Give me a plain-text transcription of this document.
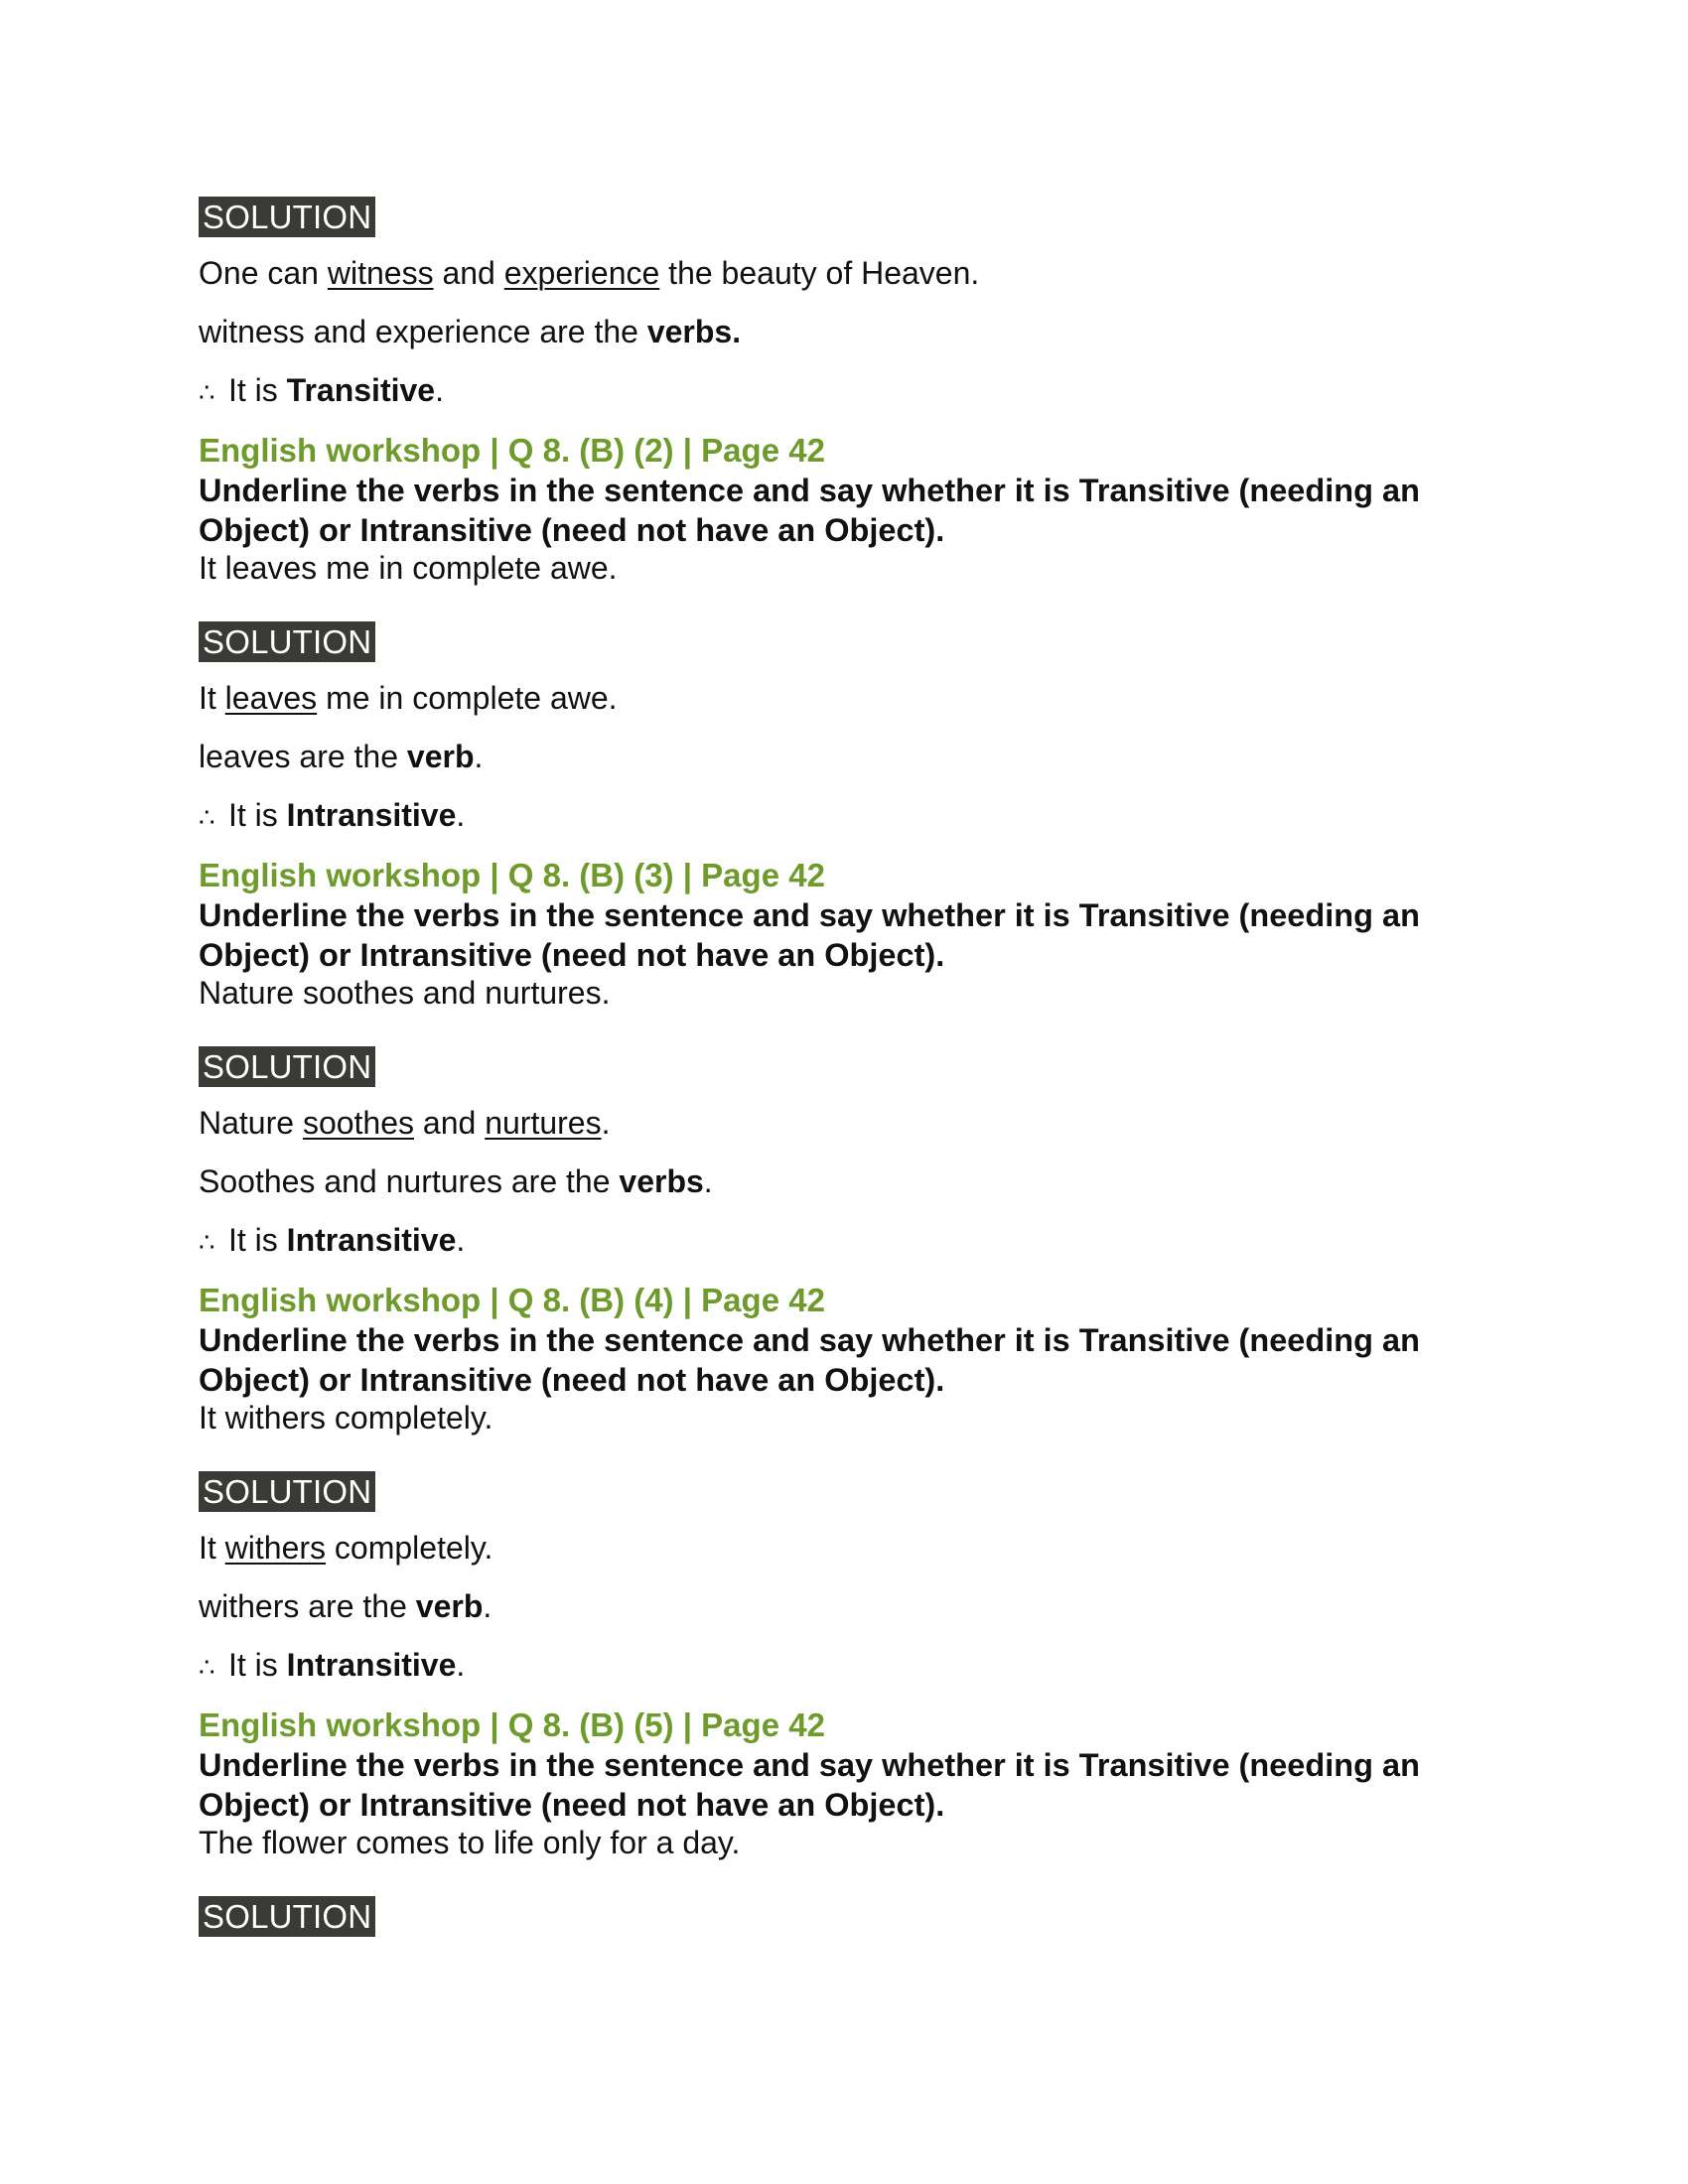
SOLUTION

One can witness and experience the beauty of Heaven.

witness and experience are the verbs.

∴ It is Transitive.

English workshop | Q 8. (B) (2) | Page 42

Underline the verbs in the sentence and say whether it is Transitive (needing an Object) or Intransitive (need not have an Object).

It leaves me in complete awe.

SOLUTION

It leaves me in complete awe.

leaves are the verb.

∴ It is Intransitive.

English workshop | Q 8. (B) (3) | Page 42

Underline the verbs in the sentence and say whether it is Transitive (needing an Object) or Intransitive (need not have an Object).

Nature soothes and nurtures.

SOLUTION

Nature soothes and nurtures.

Soothes and nurtures are the verbs.

∴ It is Intransitive.

English workshop | Q 8. (B) (4) | Page 42

Underline the verbs in the sentence and say whether it is Transitive (needing an Object) or Intransitive (need not have an Object).

It withers completely.

SOLUTION

It withers completely.

withers are the verb.

∴ It is Intransitive.

English workshop | Q 8. (B) (5) | Page 42

Underline the verbs in the sentence and say whether it is Transitive (needing an Object) or Intransitive (need not have an Object).

The flower comes to life only for a day.

SOLUTION
